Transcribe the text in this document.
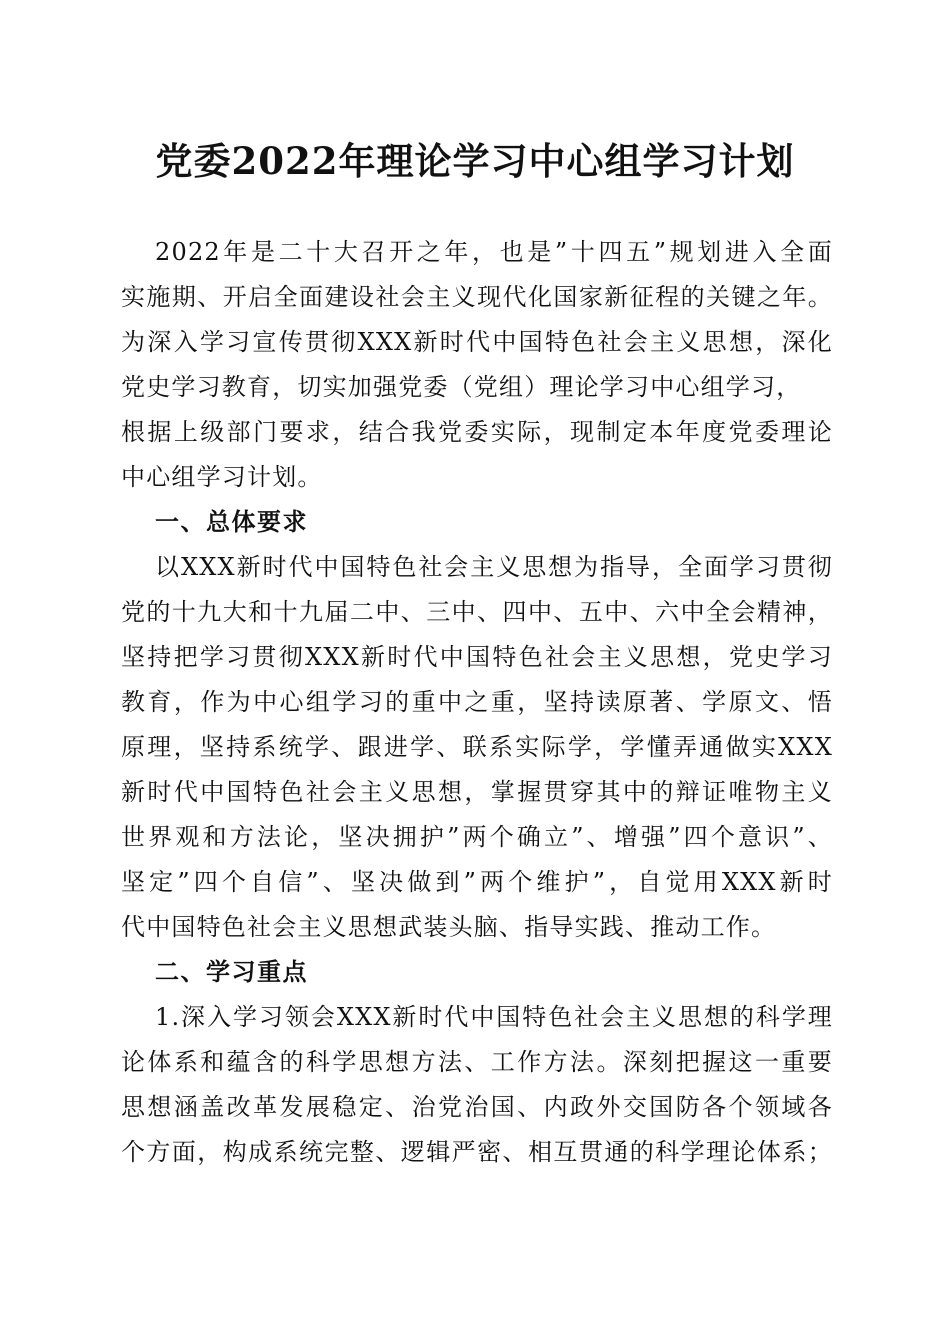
党委2022年理论学习中心组学习计划

2022年是二十大召开之年，也是”十四五”规划进入全面

实施期、开启全面建设社会主义现代化国家新征程的关键之年。

为深入学习宣传贯彻XXX新时代中国特色社会主义思想，深化

党史学习教育，切实加强党委（党组）理论学习中心组学习，

根据上级部门要求，结合我党委实际，现制定本年度党委理论

中心组学习计划。

一、总体要求

以XXX新时代中国特色社会主义思想为指导，全面学习贯彻

党的十九大和十九届二中、三中、四中、五中、六中全会精神，

坚持把学习贯彻XXX新时代中国特色社会主义思想，党史学习

教育，作为中心组学习的重中之重，坚持读原著、学原文、悟

原理，坚持系统学、跟进学、联系实际学，学懂弄通做实XXX

新时代中国特色社会主义思想，掌握贯穿其中的辩证唯物主义

世界观和方法论，坚决拥护”两个确立”、增强”四个意识”、

坚定”四个自信”、坚决做到”两个维护”，自觉用XXX新时

代中国特色社会主义思想武装头脑、指导实践、推动工作。

二、学习重点

1.深入学习领会XXX新时代中国特色社会主义思想的科学理

论体系和蕴含的科学思想方法、工作方法。深刻把握这一重要

思想涵盖改革发展稳定、治党治国、内政外交国防各个领域各

个方面，构成系统完整、逻辑严密、相互贯通的科学理论体系；
